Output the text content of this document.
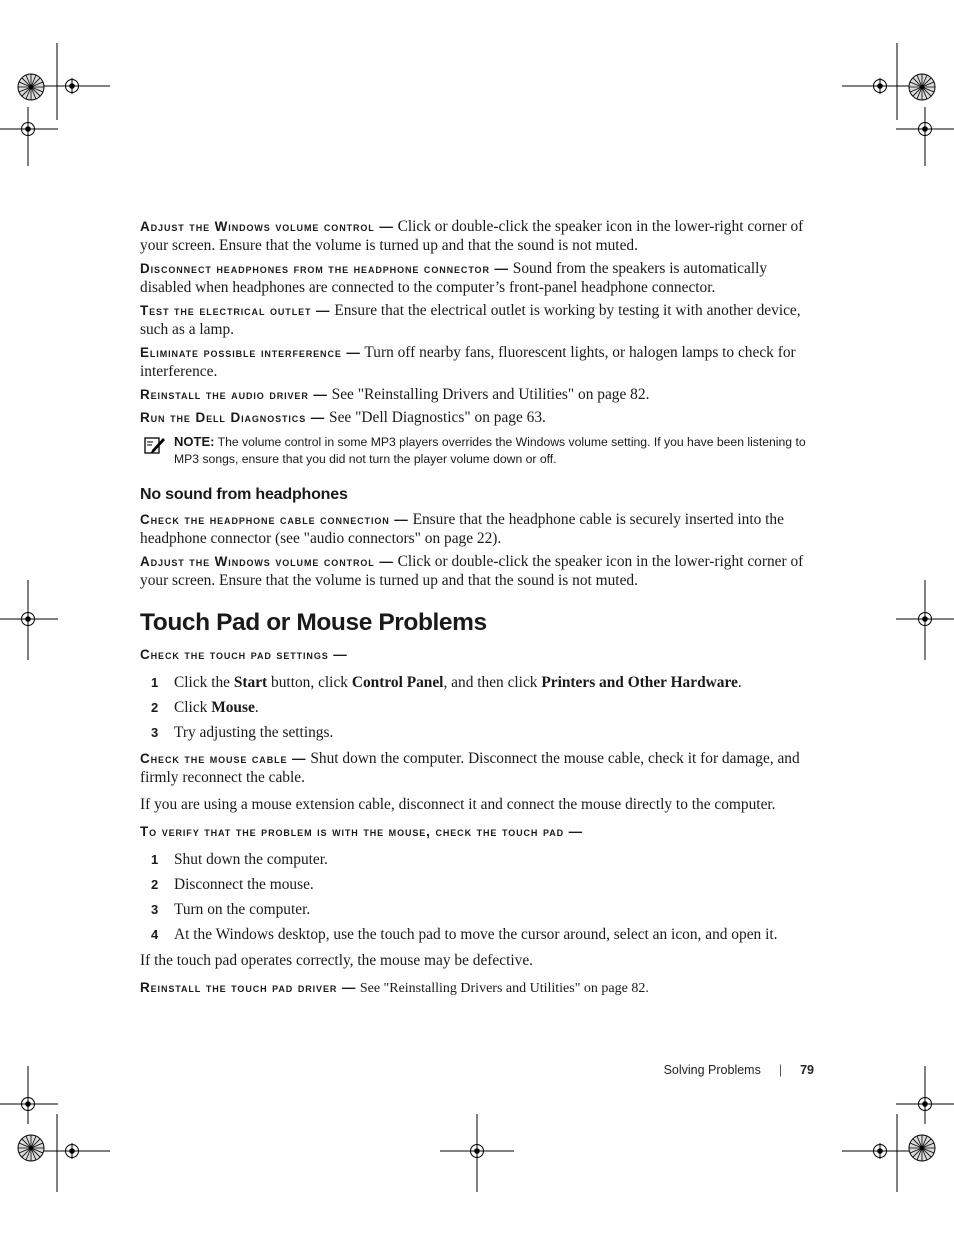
Adjust the Windows volume control — Click or double-click the speaker icon in the lower-right corner of your screen. Ensure that the volume is turned up and that the sound is not muted.

Disconnect headphones from the headphone connector — Sound from the speakers is automatically disabled when headphones are connected to the computer’s front-panel headphone connector.

Test the electrical outlet — Ensure that the electrical outlet is working by testing it with another device, such as a lamp.

Eliminate possible interference — Turn off nearby fans, fluorescent lights, or halogen lamps to check for interference.

Reinstall the audio driver — See "Reinstalling Drivers and Utilities" on page 82.

Run the Dell Diagnostics — See "Dell Diagnostics" on page 63.

NOTE: The volume control in some MP3 players overrides the Windows volume setting. If you have been listening to MP3 songs, ensure that you did not turn the player volume down or off.
No sound from headphones

Check the headphone cable connection — Ensure that the headphone cable is securely inserted into the headphone connector (see "audio connectors" on page 22).

Adjust the Windows volume control — Click or double-click the speaker icon in the lower-right corner of your screen. Ensure that the volume is turned up and that the sound is not muted.

Touch Pad or Mouse Problems

Check the touch pad settings —

1 Click the Start button, click Control Panel, and then click Printers and Other Hardware.
2 Click Mouse.
3 Try adjusting the settings.

Check the mouse cable — Shut down the computer. Disconnect the mouse cable, check it for damage, and firmly reconnect the cable.

If you are using a mouse extension cable, disconnect it and connect the mouse directly to the computer.

To verify that the problem is with the mouse, check the touch pad —

1 Shut down the computer.
2 Disconnect the mouse.
3 Turn on the computer.
4 At the Windows desktop, use the touch pad to move the cursor around, select an icon, and open it.

If the touch pad operates correctly, the mouse may be defective.

Reinstall the touch pad driver — See "Reinstalling Drivers and Utilities" on page 82.

Solving Problems | 79
